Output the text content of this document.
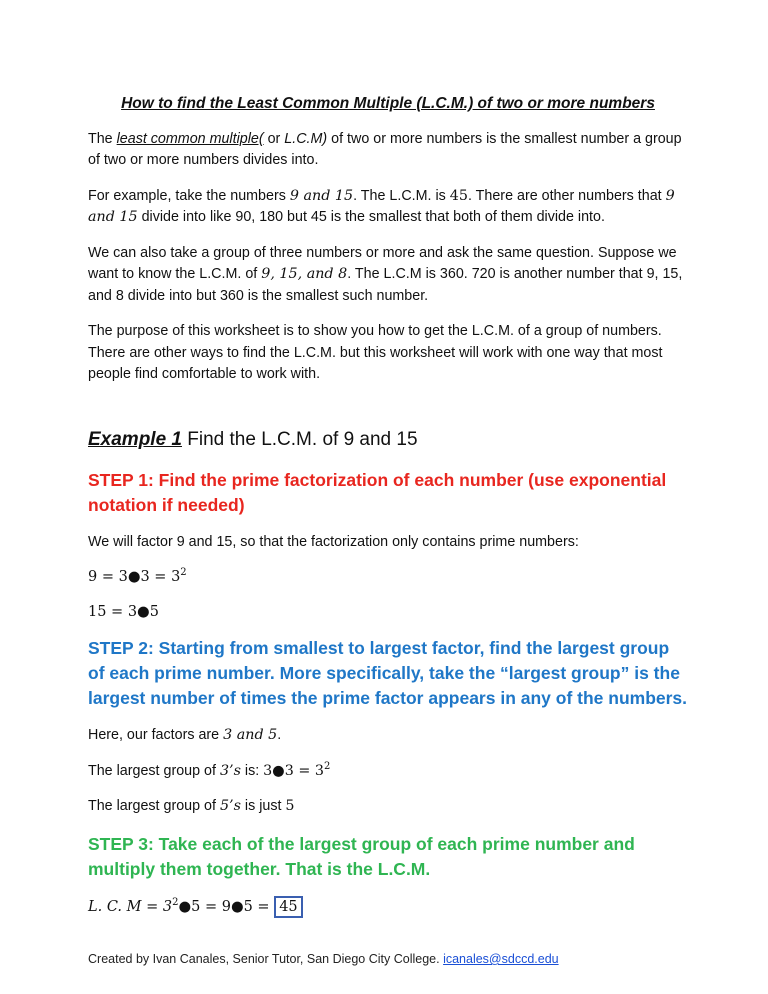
How to find the Least Common Multiple (L.C.M.) of two or more numbers

The least common multiple( or L.C.M) of two or more numbers is the smallest number a group of two or more numbers divides into.

For example, take the numbers 9 and 15. The L.C.M. is 45. There are other numbers that 9 and 15 divide into like 90, 180 but 45 is the smallest that both of them divide into.

We can also take a group of three numbers or more and ask the same question. Suppose we want to know the L.C.M. of 9, 15, and 8. The L.C.M is 360. 720 is another number that 9, 15, and 8 divide into but 360 is the smallest such number.

The purpose of this worksheet is to show you how to get the L.C.M. of a group of numbers. There are other ways to find the L.C.M. but this worksheet will work with one way that most people find comfortable to work with.

Example 1 Find the L.C.M. of 9 and 15
STEP 1: Find the prime factorization of each number (use exponential notation if needed)

We will factor 9 and 15, so that the factorization only contains prime numbers:

9 = 3●3 = $3^2$
15 = 3●5
STEP 2: Starting from smallest to largest factor, find the largest group of each prime number. More specifically, take the “largest group” is the largest number of times the prime factor appears in any of the numbers.

Here, our factors are 3 and 5.

The largest group of 3’s is: 3●3 = $3^2$

The largest group of 5’s is just 5

STEP 3: Take each of the largest group of each prime number and multiply them together. That is the L.C.M.
L. C. $M = 3^2●5$ = 9●5 = 45
Created by Ivan Canales, Senior Tutor, San Diego City College. icanales@sdccd.edu
